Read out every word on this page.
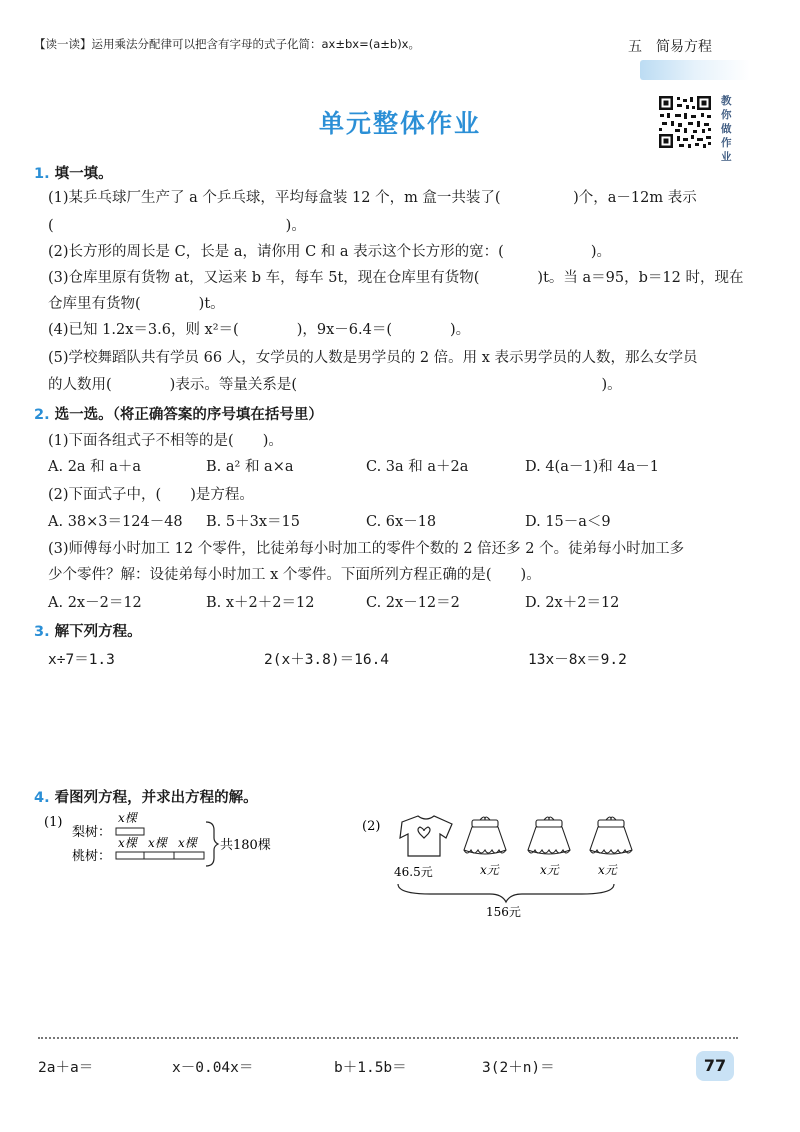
【读一读】运用乘法分配律可以把含有字母的式子化简：ax±bx=(a±b)x。	五　简易方程
单元整体作业
教
你
做
作
业
1. 填一填。
(1)某乒乓球厂生产了 a 个乒乓球，平均每盒装 12 个，m 盒一共装了(　　　　　)个，a－12m 表示
(　　　　　　　　　　　　　　　　)。
(2)长方形的周长是 C，长是 a，请你用 C 和 a 表示这个长方形的宽：(　　　　　　)。
(3)仓库里原有货物 at，又运来 b 车，每车 5t，现在仓库里有货物(　　　　)t。当 a＝95，b＝12 时，现在
仓库里有货物(　　　　)t。
(4)已知 1.2x＝3.6，则 x²＝(　　　　)，9x－6.4＝(　　　　)。
(5)学校舞蹈队共有学员 66 人，女学员的人数是男学员的 2 倍。用 x 表示男学员的人数，那么女学员
的人数用(　　　　)表示。等量关系是(　　　　　　　　　　　　　　　　　　　　　)。
2. 选一选。（将正确答案的序号填在括号里）
(1)下面各组式子不相等的是(　　)。
A. 2a 和 a＋a	B. a² 和 a×a	C. 3a 和 a＋2a	D. 4(a－1)和 4a－1
(2)下面式子中，(　　)是方程。
A. 38×3＝124－48 B. 5＋3x＝15	C. 6x－18	D. 15－a＜9
(3)师傅每小时加工 12 个零件，比徒弟每小时加工的零件个数的 2 倍还多 2 个。徒弟每小时加工多
少个零件？解：设徒弟每小时加工 x 个零件。下面所列方程正确的是(　　)。
A. 2x－2＝12	B. x＋2＋2＝12	C. 2x－12＝2	D. 2x＋2＝12
3. 解下列方程。
x÷7＝1.3	2(x＋3.8)＝16.4	13x－8x＝9.2
4. 看图列方程，并求出方程的解。
(1)
梨树：
桃树：
x棵
x棵 x棵 x棵 共180棵
(2)
46.5元	x元	x元	x元
156元
2a＋a＝	x－0.04x＝	b＋1.5b＝	3(2＋n)＝	77
